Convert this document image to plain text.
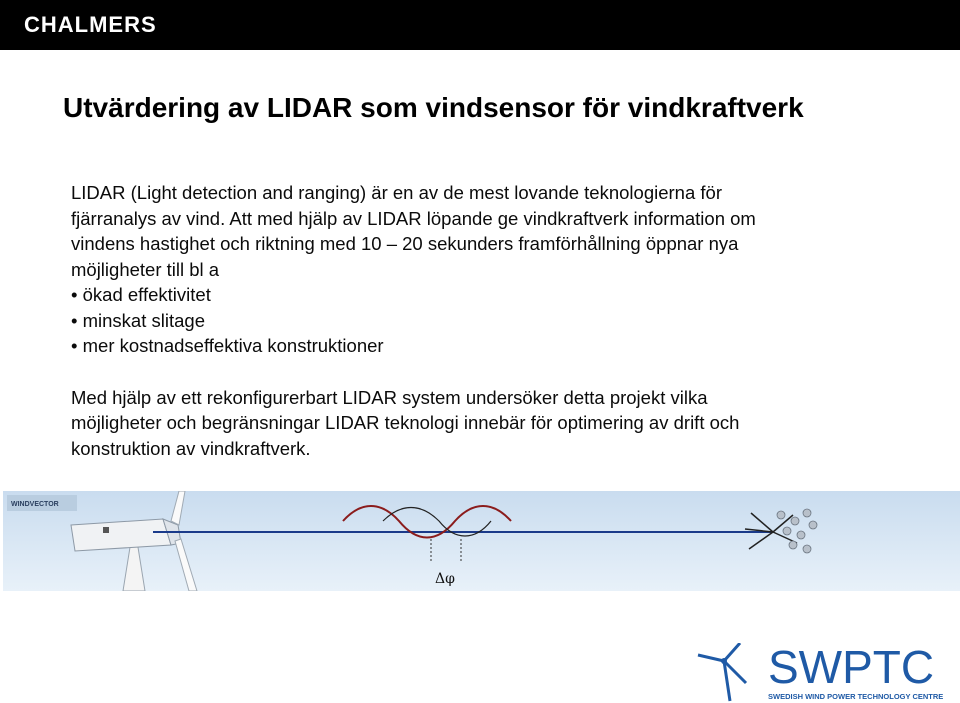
CHALMERS
Utvärdering av LIDAR som vindsensor för vindkraftverk

LIDAR (Light detection and ranging) är en av de mest lovande teknologierna för

fjärranalys av vind. Att med hjälp av LIDAR löpande ge vindkraftverk information om

vindens hastighet och riktning med 10 – 20 sekunders framförhållning öppnar nya

möjligheter till bl a

• ökad effektivitet
• minskat slitage
• mer kostnadseffektiva konstruktioner

Med hjälp av ett rekonfigurerbart LIDAR system undersöker detta projekt vilka

möjligheter och begränsningar LIDAR teknologi innebär för optimering av drift och

konstruktion av vindkraftverk.

WINDVECTOR
Δφ
SWPTC
SWEDISH WIND POWER TECHNOLOGY CENTRE
